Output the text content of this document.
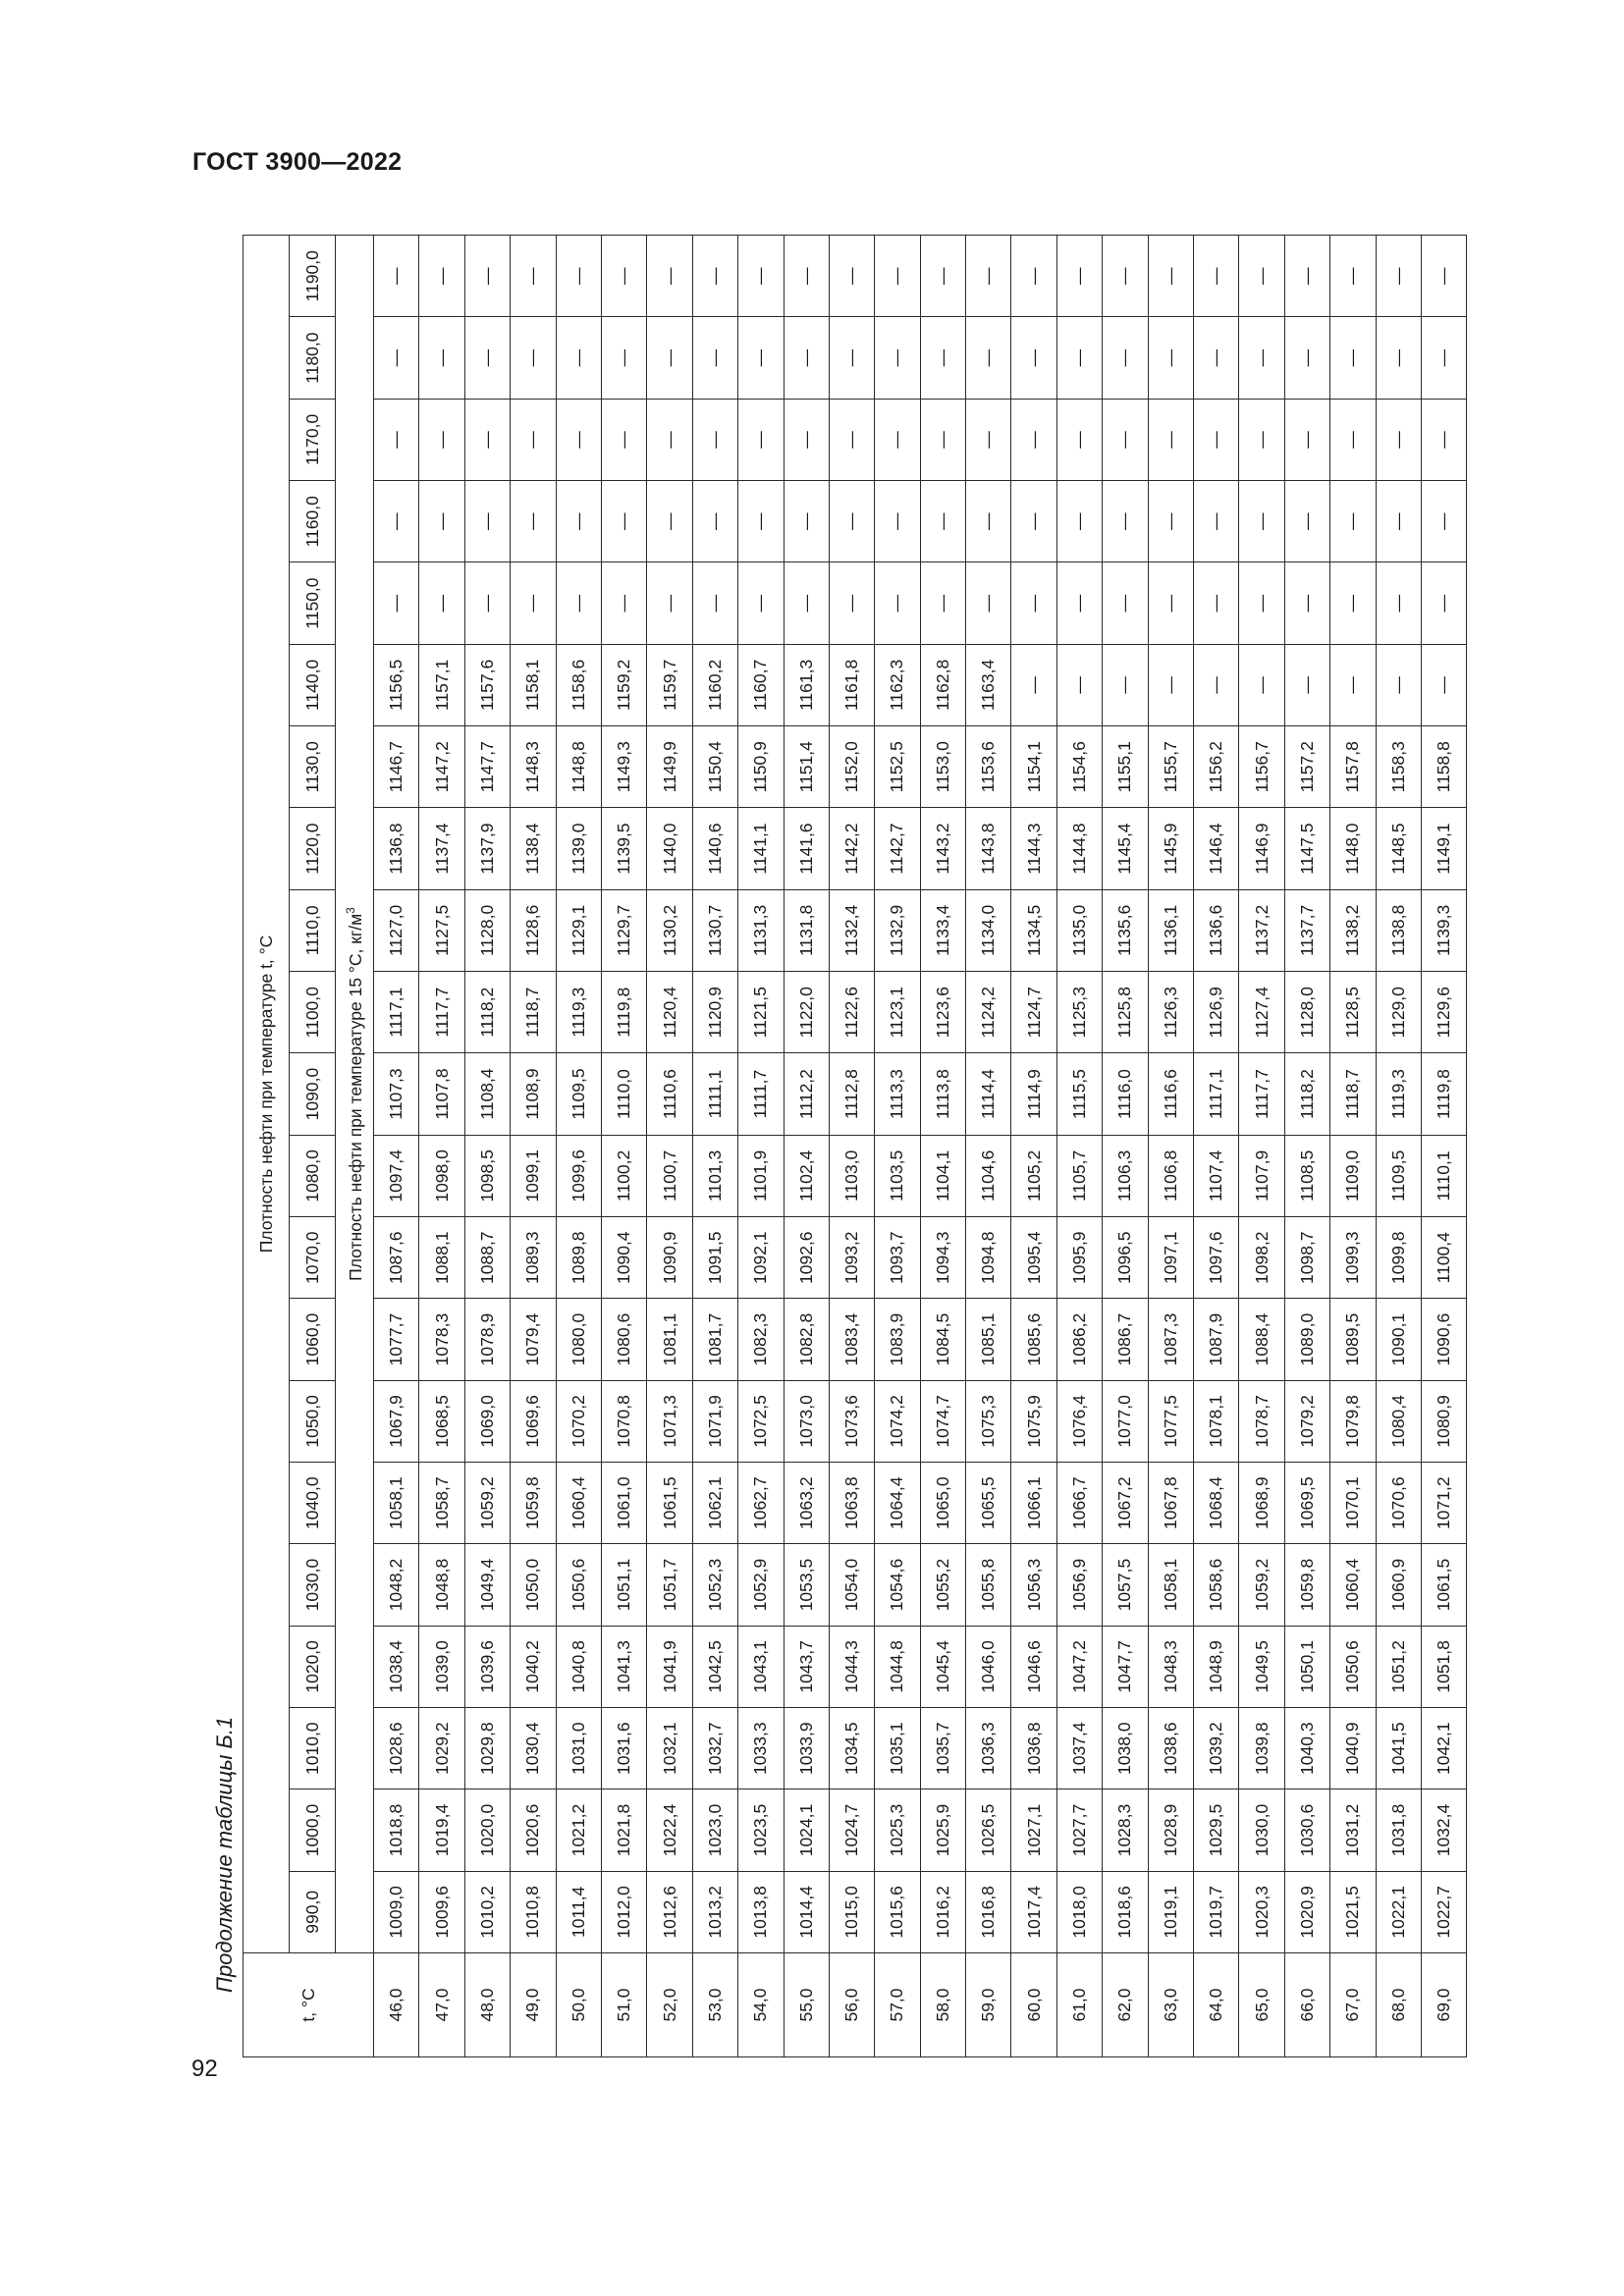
ГОСТ 3900—2022
Продолжение таблицы Б.1
t, °C	Плотность нефти при температуре t, °C																				
	990,0	1000,0	1010,0	1020,0	1030,0	1040,0	1050,0	1060,0	1070,0	1080,0	1090,0	1100,0	1110,0	1120,0	1130,0	1140,0	1150,0	1160,0	1170,0	1180,0	1190,0
	Плотность нефти при температуре 15 °C, $кг/м^3$
46,0	1009,0	1018,8	1028,6	1038,4	1048,2	1058,1	1067,9	1077,7	1087,6	1097,4	1107,3	1117,1	1127,0	1136,8	1146,7	1156,5	—	—	—	—	—
47,0	1009,6	1019,4	1029,2	1039,0	1048,8	1058,7	1068,5	1078,3	1088,1	1098,0	1107,8	1117,7	1127,5	1137,4	1147,2	1157,1	—	—	—	—	—
48,0	1010,2	1020,0	1029,8	1039,6	1049,4	1059,2	1069,0	1078,9	1088,7	1098,5	1108,4	1118,2	1128,0	1137,9	1147,7	1157,6	—	—	—	—	—
49,0	1010,8	1020,6	1030,4	1040,2	1050,0	1059,8	1069,6	1079,4	1089,3	1099,1	1108,9	1118,7	1128,6	1138,4	1148,3	1158,1	—	—	—	—	—
50,0	1011,4	1021,2	1031,0	1040,8	1050,6	1060,4	1070,2	1080,0	1089,8	1099,6	1109,5	1119,3	1129,1	1139,0	1148,8	1158,6	—	—	—	—	—
51,0	1012,0	1021,8	1031,6	1041,3	1051,1	1061,0	1070,8	1080,6	1090,4	1100,2	1110,0	1119,8	1129,7	1139,5	1149,3	1159,2	—	—	—	—	—
52,0	1012,6	1022,4	1032,1	1041,9	1051,7	1061,5	1071,3	1081,1	1090,9	1100,7	1110,6	1120,4	1130,2	1140,0	1149,9	1159,7	—	—	—	—	—
53,0	1013,2	1023,0	1032,7	1042,5	1052,3	1062,1	1071,9	1081,7	1091,5	1101,3	1111,1	1120,9	1130,7	1140,6	1150,4	1160,2	—	—	—	—	—
54,0	1013,8	1023,5	1033,3	1043,1	1052,9	1062,7	1072,5	1082,3	1092,1	1101,9	1111,7	1121,5	1131,3	1141,1	1150,9	1160,7	—	—	—	—	—
55,0	1014,4	1024,1	1033,9	1043,7	1053,5	1063,2	1073,0	1082,8	1092,6	1102,4	1112,2	1122,0	1131,8	1141,6	1151,4	1161,3	—	—	—	—	—
56,0	1015,0	1024,7	1034,5	1044,3	1054,0	1063,8	1073,6	1083,4	1093,2	1103,0	1112,8	1122,6	1132,4	1142,2	1152,0	1161,8	—	—	—	—	—
57,0	1015,6	1025,3	1035,1	1044,8	1054,6	1064,4	1074,2	1083,9	1093,7	1103,5	1113,3	1123,1	1132,9	1142,7	1152,5	1162,3	—	—	—	—	—
58,0	1016,2	1025,9	1035,7	1045,4	1055,2	1065,0	1074,7	1084,5	1094,3	1104,1	1113,8	1123,6	1133,4	1143,2	1153,0	1162,8	—	—	—	—	—
59,0	1016,8	1026,5	1036,3	1046,0	1055,8	1065,5	1075,3	1085,1	1094,8	1104,6	1114,4	1124,2	1134,0	1143,8	1153,6	1163,4	—	—	—	—	—
60,0	1017,4	1027,1	1036,8	1046,6	1056,3	1066,1	1075,9	1085,6	1095,4	1105,2	1114,9	1124,7	1134,5	1144,3	1154,1	—	—	—	—	—	—
61,0	1018,0	1027,7	1037,4	1047,2	1056,9	1066,7	1076,4	1086,2	1095,9	1105,7	1115,5	1125,3	1135,0	1144,8	1154,6	—	—	—	—	—	—
62,0	1018,6	1028,3	1038,0	1047,7	1057,5	1067,2	1077,0	1086,7	1096,5	1106,3	1116,0	1125,8	1135,6	1145,4	1155,1	—	—	—	—	—	—
63,0	1019,1	1028,9	1038,6	1048,3	1058,1	1067,8	1077,5	1087,3	1097,1	1106,8	1116,6	1126,3	1136,1	1145,9	1155,7	—	—	—	—	—	—
64,0	1019,7	1029,5	1039,2	1048,9	1058,6	1068,4	1078,1	1087,9	1097,6	1107,4	1117,1	1126,9	1136,6	1146,4	1156,2	—	—	—	—	—	—
65,0	1020,3	1030,0	1039,8	1049,5	1059,2	1068,9	1078,7	1088,4	1098,2	1107,9	1117,7	1127,4	1137,2	1146,9	1156,7	—	—	—	—	—	—
66,0	1020,9	1030,6	1040,3	1050,1	1059,8	1069,5	1079,2	1089,0	1098,7	1108,5	1118,2	1128,0	1137,7	1147,5	1157,2	—	—	—	—	—	—
67,0	1021,5	1031,2	1040,9	1050,6	1060,4	1070,1	1079,8	1089,5	1099,3	1109,0	1118,7	1128,5	1138,2	1148,0	1157,8	—	—	—	—	—	—
68,0	1022,1	1031,8	1041,5	1051,2	1060,9	1070,6	1080,4	1090,1	1099,8	1109,5	1119,3	1129,0	1138,8	1148,5	1158,3	—	—	—	—	—	—
69,0	1022,7	1032,4	1042,1	1051,8	1061,5	1071,2	1080,9	1090,6	1100,4	1110,1	1119,8	1129,6	1139,3	1149,1	1158,8	—	—	—	—	—	—
92
